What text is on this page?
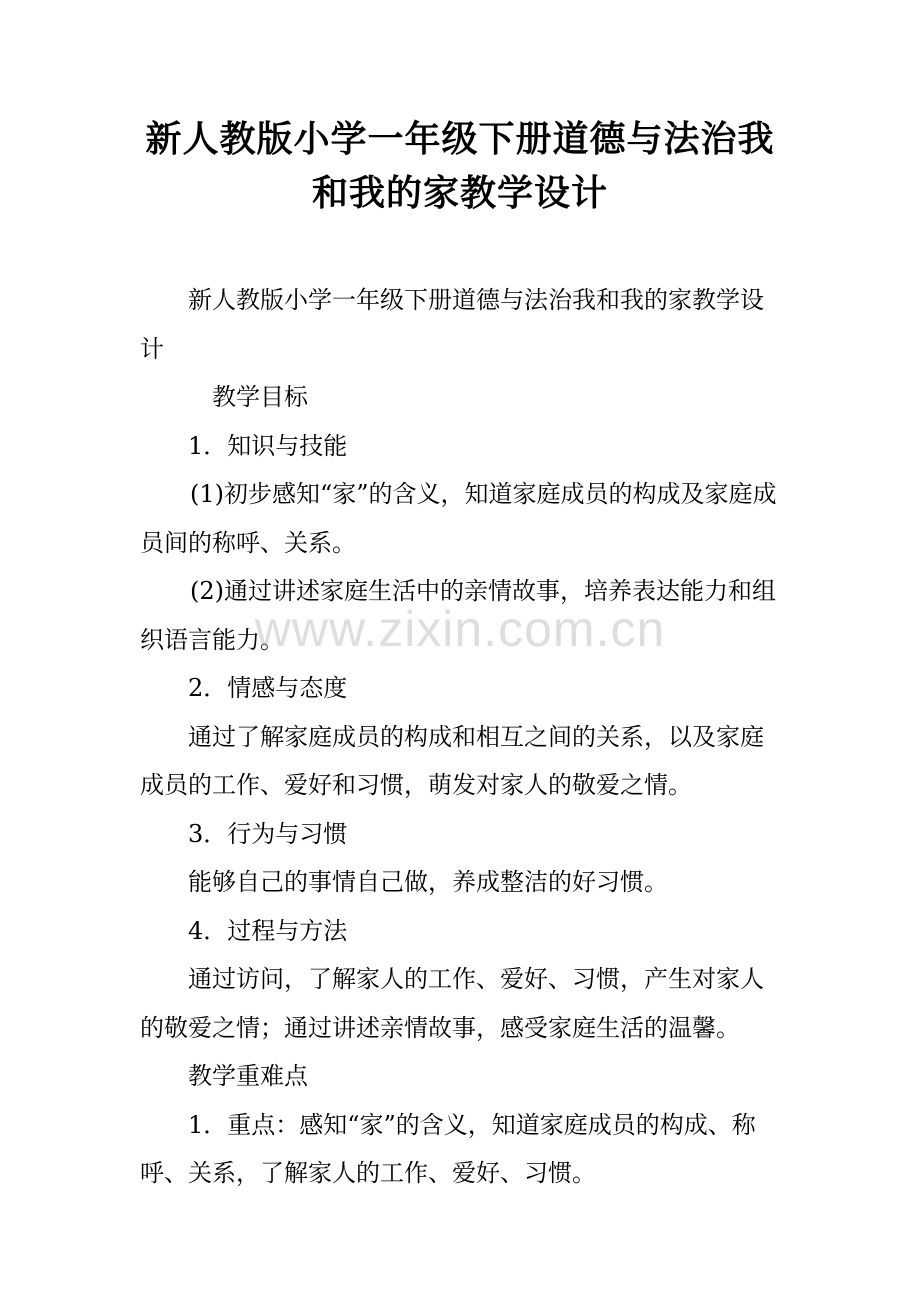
新人教版小学一年级下册道德与法治我和我的家教学设计

新人教版小学一年级下册道德与法治我和我的家教学设计

教学目标

1．知识与技能

(1)初步感知“家”的含义，知道家庭成员的构成及家庭成员间的称呼、关系。

(2)通过讲述家庭生活中的亲情故事，培养表达能力和组织语言能力。

2．情感与态度

通过了解家庭成员的构成和相互之间的关系，以及家庭成员的工作、爱好和习惯，萌发对家人的敬爱之情。

3．行为与习惯

能够自己的事情自己做，养成整洁的好习惯。

4．过程与方法

通过访问，了解家人的工作、爱好、习惯，产生对家人的敬爱之情；通过讲述亲情故事，感受家庭生活的温馨。

教学重难点

1．重点：感知“家”的含义，知道家庭成员的构成、称呼、关系，了解家人的工作、爱好、习惯。

www.zixin.com.cn
